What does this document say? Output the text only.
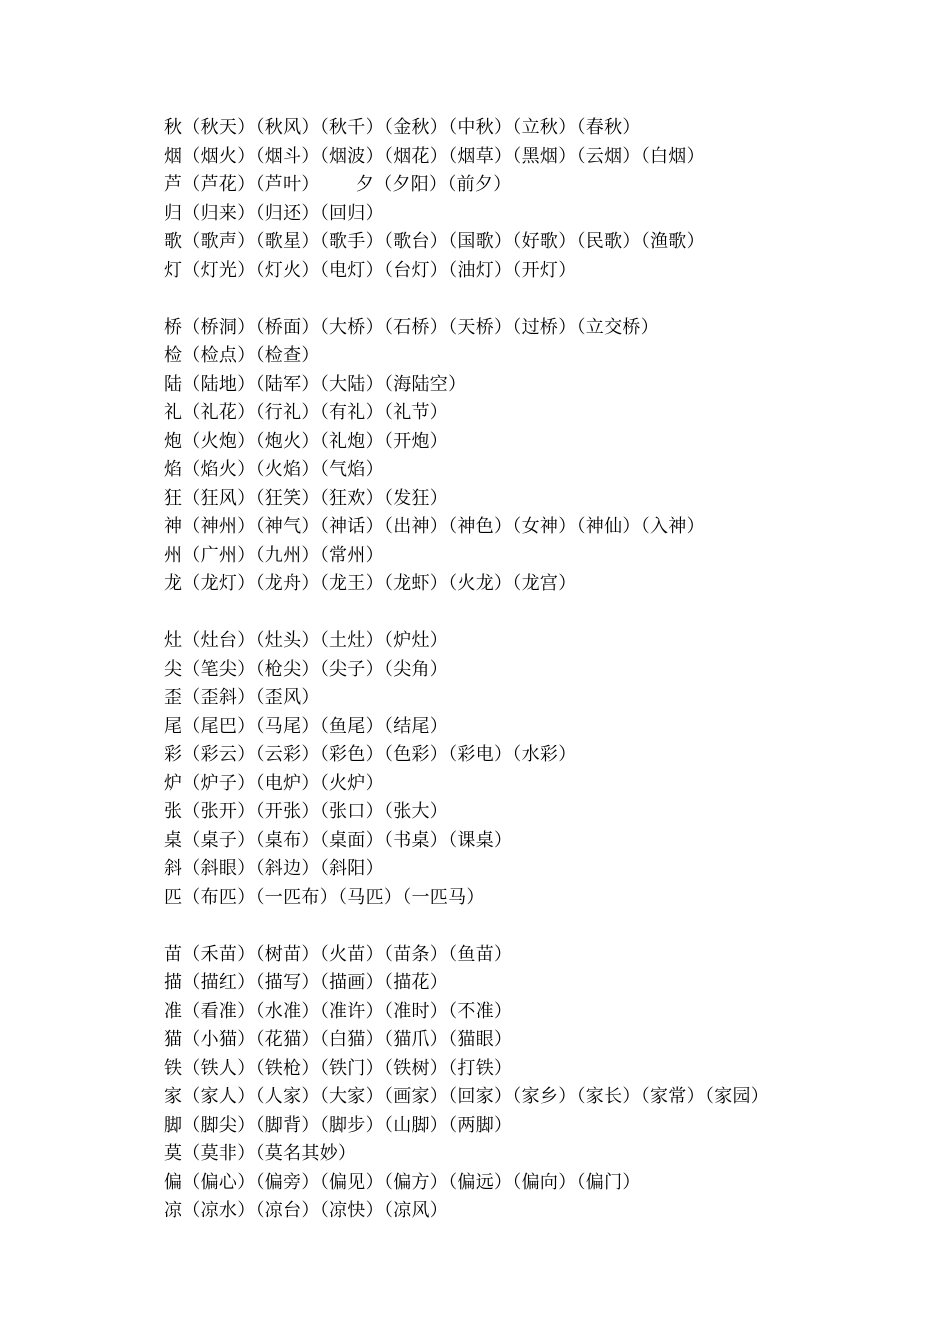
秋（秋天）（秋风）（秋千）（金秋）（中秋）（立秋）（春秋）
烟（烟火）（烟斗）（烟波）（烟花）（烟草）（黑烟）（云烟）（白烟）
芦（芦花）（芦叶）      夕（夕阳）（前夕）
归（归来）（归还）（回归）
歌（歌声）（歌星）（歌手）（歌台）（国歌）（好歌）（民歌）（渔歌）
灯（灯光）（灯火）（电灯）（台灯）（油灯）（开灯）
桥（桥洞）（桥面）（大桥）（石桥）（天桥）（过桥）（立交桥）
检（检点）（检查）
陆（陆地）（陆军）（大陆）（海陆空）
礼（礼花）（行礼）（有礼）（礼节）
炮（火炮）（炮火）（礼炮）（开炮）
焰（焰火）（火焰）（气焰）
狂（狂风）（狂笑）（狂欢）（发狂）
神（神州）（神气）（神话）（出神）（神色）（女神）（神仙）（入神）
州（广州）（九州）（常州）
龙（龙灯）（龙舟）（龙王）（龙虾）（火龙）（龙宫）
灶（灶台）（灶头）（土灶）（炉灶）
尖（笔尖）（枪尖）（尖子）（尖角）
歪（歪斜）（歪风）
尾（尾巴）（马尾）（鱼尾）（结尾）
彩（彩云）（云彩）（彩色）（色彩）（彩电）（水彩）
炉（炉子）（电炉）（火炉）
张（张开）（开张）（张口）（张大）
桌（桌子）（桌布）（桌面）（书桌）（课桌）
斜（斜眼）（斜边）（斜阳）
匹（布匹）（一匹布）（马匹）（一匹马）
苗（禾苗）（树苗）（火苗）（苗条）（鱼苗）
描（描红）（描写）（描画）（描花）
准（看准）（水准）（准许）（准时）（不准）
猫（小猫）（花猫）（白猫）（猫爪）（猫眼）
铁（铁人）（铁枪）（铁门）（铁树）（打铁）
家（家人）（人家）（大家）（画家）（回家）（家乡）（家长）（家常）（家园）
脚（脚尖）（脚背）（脚步）（山脚）（两脚）
莫（莫非）（莫名其妙）
偏（偏心）（偏旁）（偏见）（偏方）（偏远）（偏向）（偏门）
凉（凉水）（凉台）（凉快）（凉风）
